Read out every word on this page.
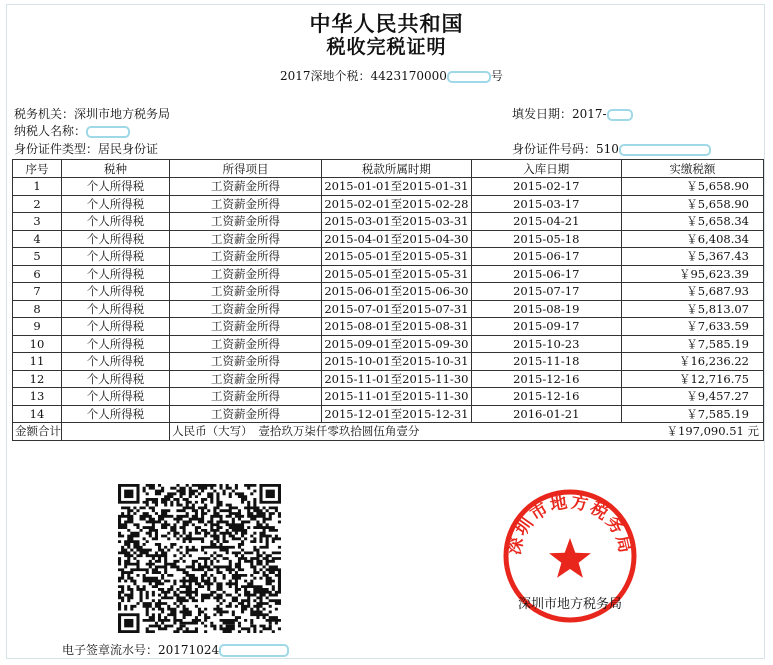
中华人民共和国
税收完税证明
2017深地个税：4423170000	号
税务机关：深圳市地方税务局	填发日期：2017-
纳税人名称：
身份证件类型：居民身份证	身份证件号码：510
序号	税种	所得项目	税款所属时期	入库日期	实缴税额
1	个人所得税	工资薪金所得	2015-01-01至2015-01-31	2015-02-17	￥5,658.90
2	个人所得税	工资薪金所得	2015-02-01至2015-02-28	2015-03-17	￥5,658.90
3	个人所得税	工资薪金所得	2015-03-01至2015-03-31	2015-04-21	￥5,658.34
4	个人所得税	工资薪金所得	2015-04-01至2015-04-30	2015-05-18	￥6,408.34
5	个人所得税	工资薪金所得	2015-05-01至2015-05-31	2015-06-17	￥5,367.43
6	个人所得税	工资薪金所得	2015-05-01至2015-05-31	2015-06-17	￥95,623.39
7	个人所得税	工资薪金所得	2015-06-01至2015-06-30	2015-07-17	￥5,687.93
8	个人所得税	工资薪金所得	2015-07-01至2015-07-31	2015-08-19	￥5,813.07
9	个人所得税	工资薪金所得	2015-08-01至2015-08-31	2015-09-17	￥7,633.59
10	个人所得税	工资薪金所得	2015-09-01至2015-09-30	2015-10-23	￥7,585.19
11	个人所得税	工资薪金所得	2015-10-01至2015-10-31	2015-11-18	￥16,236.22
12	个人所得税	工资薪金所得	2015-11-01至2015-11-30	2015-12-16	￥12,716.75
13	个人所得税	工资薪金所得	2015-11-01至2015-11-30	2015-12-16	￥9,457.27
14	个人所得税	工资薪金所得	2015-12-01至2015-12-31	2016-01-21	￥7,585.19
金额合计		人民币（大写）　壹拾玖万柒仟零玖拾圆伍角壹分			￥197,090.51 元
电子签章流水号：20171024
深圳市地方税务局
深圳市地方税务局
